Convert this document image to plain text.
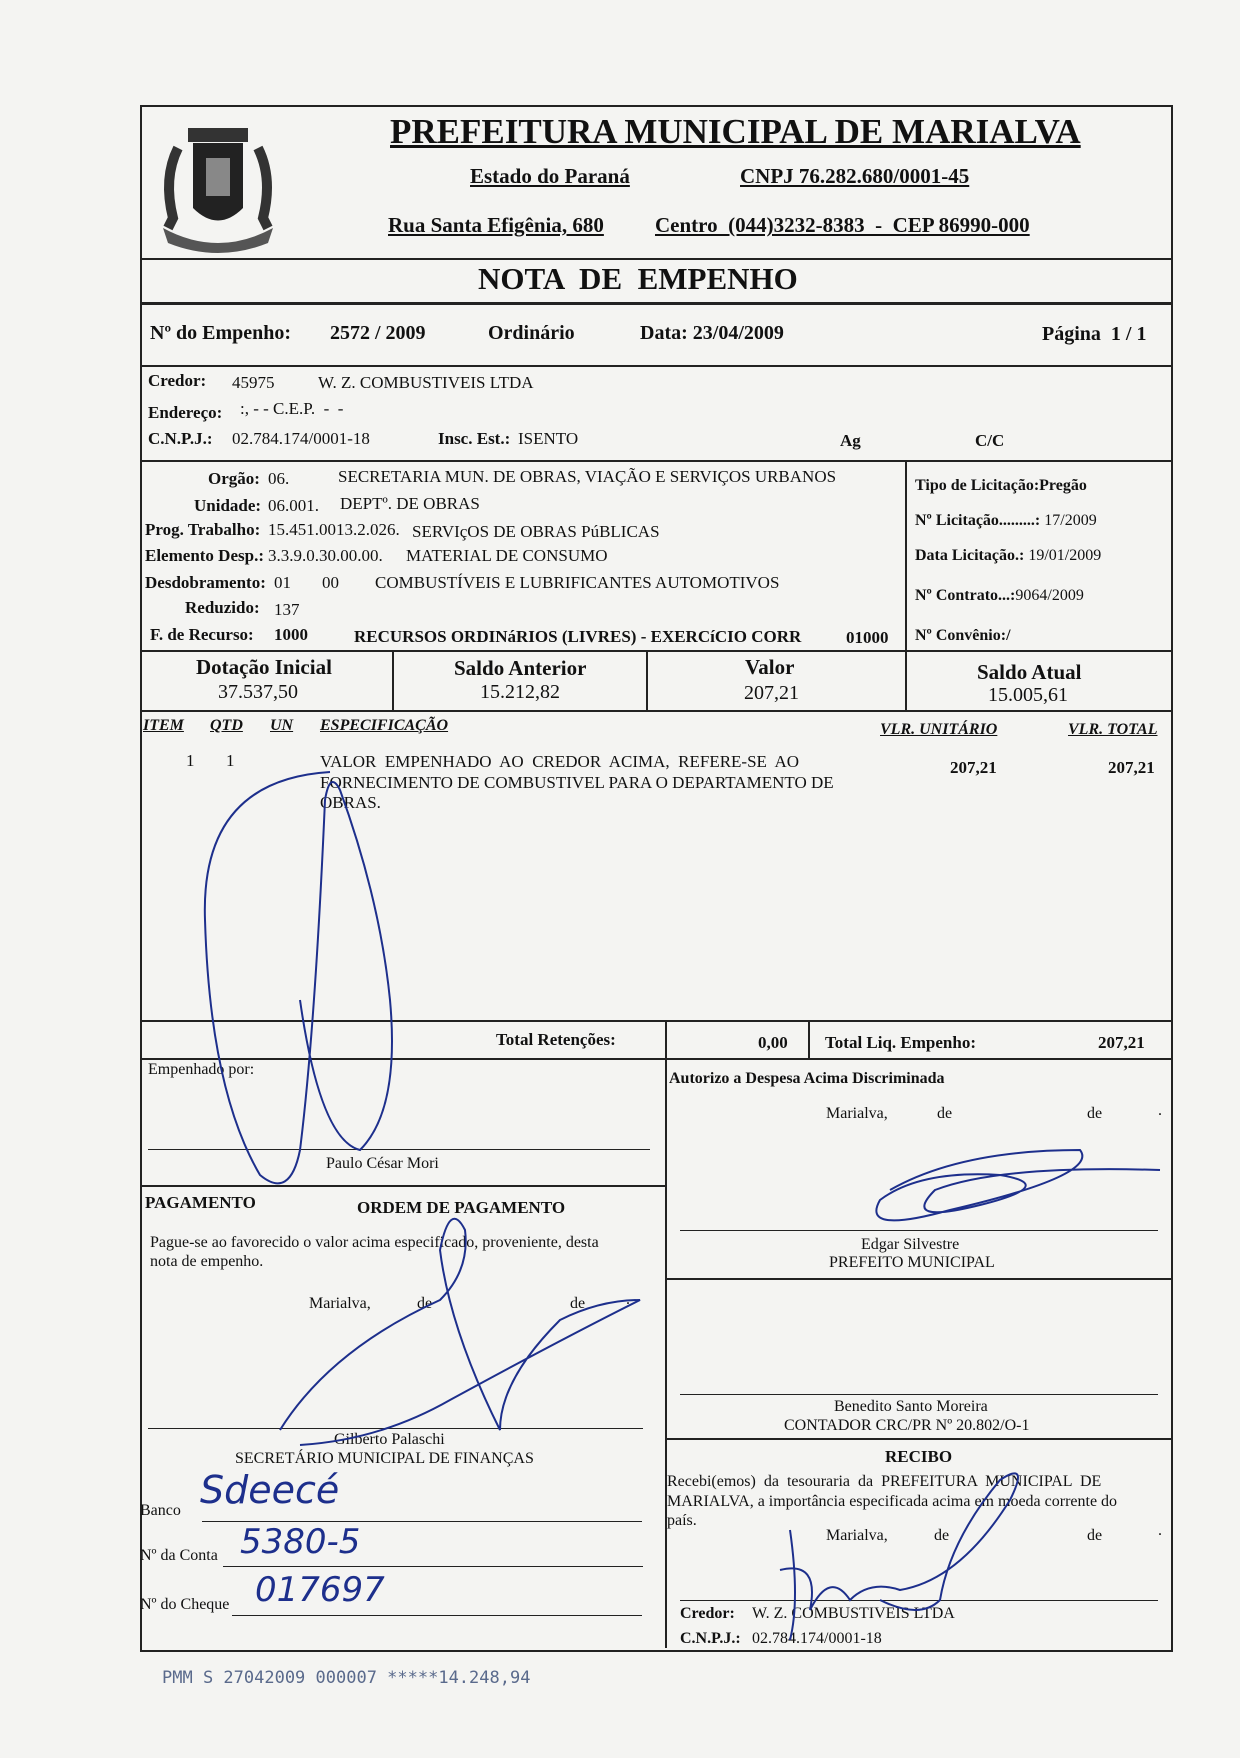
PREFEITURA MUNICIPAL DE MARIALVA
Estado do Paraná	CNPJ 76.282.680/0001-45
Rua Santa Efigênia, 680 Centro  (044)3232-8383  -  CEP 86990-000
NOTA  DE  EMPENHO
Nº do Empenho: 2572 / 2009	Ordinário	Data: 23/04/2009	Página  1 / 1
Credor: 45975	W. Z. COMBUSTIVEIS LTDA
Endereço: :, - - C.E.P.  -  -
C.N.P.J.: 02.784.174/0001-18	Insc. Est.: ISENTO	Ag	C/C
Orgão: 06.	SECRETARIA MUN. DE OBRAS, VIAÇÃO E SERVIÇOS URBANOS
Unidade: 06.001. DEPTº. DE OBRAS
Prog. Trabalho: 15.451.0013.2.026. SERVIçOS DE OBRAS PúBLICAS
Elemento Desp.: 3.3.9.0.30.00.00. MATERIAL DE CONSUMO
Desdobramento: 01 00 COMBUSTÍVEIS E LUBRIFICANTES AUTOMOTIVOS
Reduzido: 137
F. de Recurso: 1000	RECURSOS ORDINáRIOS (LIVRES) - EXERCíCIO CORR	01000
Tipo de Licitação:Pregão
Nº Licitação.........: 17/2009
Data Licitação.: 19/01/2009
Nº Contrato...:9064/2009
Nº Convênio:/
Dotação Inicial
37.537,50
Saldo Anterior
15.212,82
Valor
207,21
Saldo Atual
15.005,61
ITEM QTD UN ESPECIFICAÇÃO	VLR. UNITÁRIO	VLR. TOTAL
1 1	VALOR  EMPENHADO  AO  CREDOR  ACIMA,  REFERE-SE  AO
FORNECIMENTO DE COMBUSTIVEL PARA O DEPARTAMENTO DE
OBRAS.
207,21	207,21
Total Retenções:	0,00 Total Liq. Empenho:	207,21
Empenhado por:
Paulo César Mori
Autorizo a Despesa Acima Discriminada
Marialva,	de	de	.
Edgar Silvestre
PREFEITO MUNICIPAL
PAGAMENTO	ORDEM DE PAGAMENTO
Pague-se ao favorecido o valor acima especificado, proveniente, desta
nota de empenho.
Marialva,	de	de	.
Gilberto Palaschi
SECRETÁRIO MUNICIPAL DE FINANÇAS
Benedito Santo Moreira
CONTADOR CRC/PR Nº 20.802/O-1
Banco Sdeecé
Nº da Conta 5380-5
Nº do Cheque 017697
RECIBO
Recebi(emos)  da  tesouraria  da  PREFEITURA  MUNICIPAL  DE
MARIALVA, a importância especificada acima em moeda corrente do
país.
Marialva,	de	de	.
Credor: W. Z. COMBUSTIVEIS LTDA
C.N.P.J.: 02.784.174/0001-18
PMM S 27042009 000007 *****14.248,94
